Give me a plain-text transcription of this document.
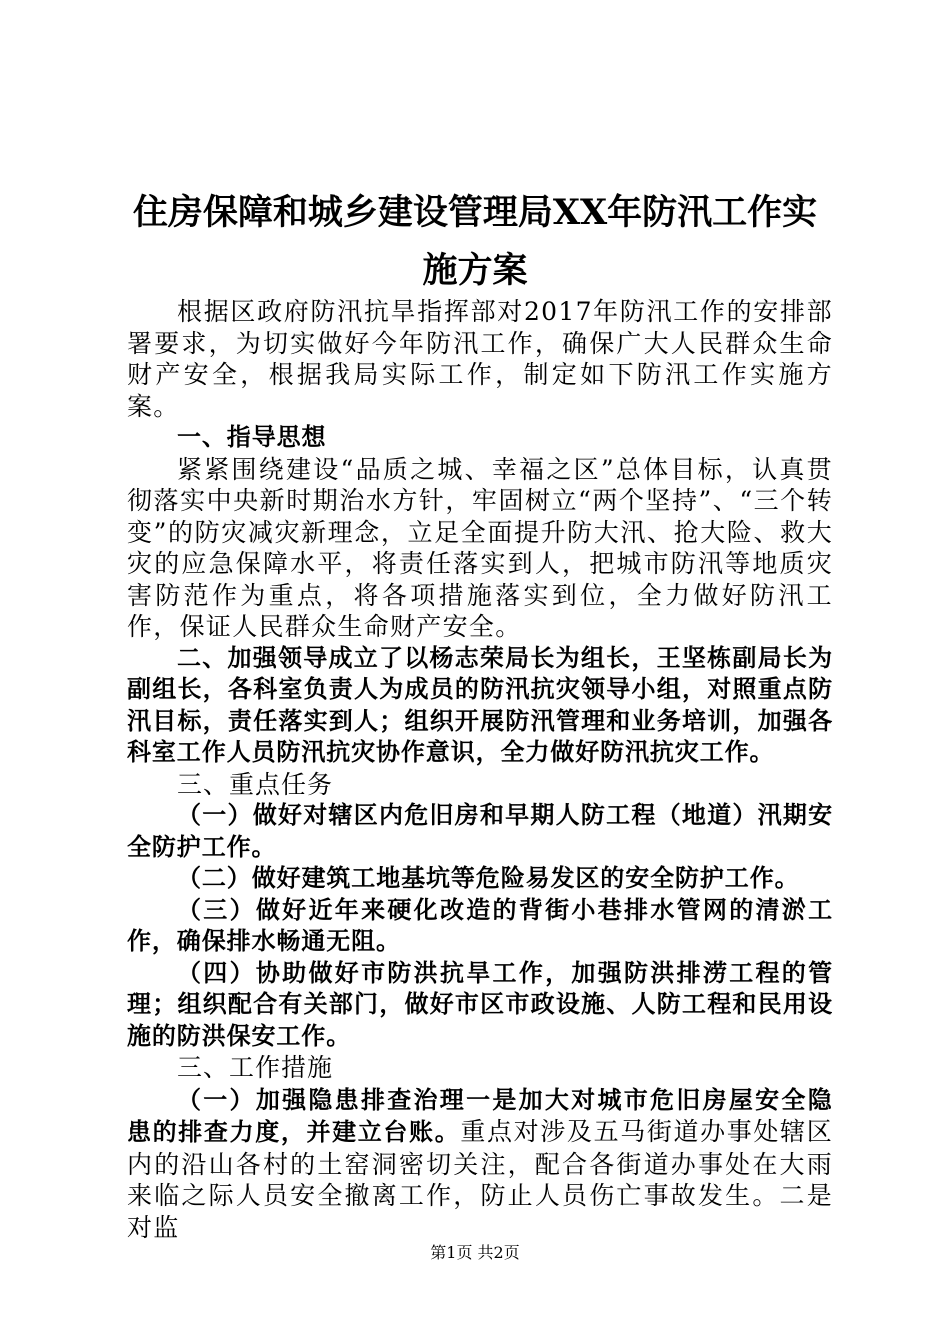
住房保障和城乡建设管理局XX年防汛工作实
施方案

根据区政府防汛抗旱指挥部对2017年防汛工作的安排部署要求，为切实做好今年防汛工作，确保广大人民群众生命财产安全，根据我局实际工作，制定如下防汛工作实施方案。

一、指导思想

紧紧围绕建设“品质之城、幸福之区”总体目标，认真贯彻落实中央新时期治水方针，牢固树立“两个坚持”、“三个转变”的防灾减灾新理念，立足全面提升防大汛、抢大险、救大灾的应急保障水平，将责任落实到人，把城市防汛等地质灾害防范作为重点，将各项措施落实到位，全力做好防汛工作，保证人民群众生命财产安全。

二、加强领导成立了以杨志荣局长为组长，王坚栋副局长为副组长，各科室负责人为成员的防汛抗灾领导小组，对照重点防汛目标，责任落实到人；组织开展防汛管理和业务培训，加强各科室工作人员防汛抗灾协作意识，全力做好防汛抗灾工作。

三、重点任务

（一）做好对辖区内危旧房和早期人防工程（地道）汛期安全防护工作。

（二）做好建筑工地基坑等危险易发区的安全防护工作。

（三）做好近年来硬化改造的背街小巷排水管网的清淤工作，确保排水畅通无阻。

（四）协助做好市防洪抗旱工作，加强防洪排涝工程的管理；组织配合有关部门，做好市区市政设施、人防工程和民用设施的防洪保安工作。

三、工作措施

（一）加强隐患排查治理一是加大对城市危旧房屋安全隐患的排查力度，并建立台账。重点对涉及五马街道办事处辖区内的沿山各村的土窑洞密切关注，配合各街道办事处在大雨来临之际人员安全撤离工作，防止人员伤亡事故发生。二是对监

第1页 共2页
